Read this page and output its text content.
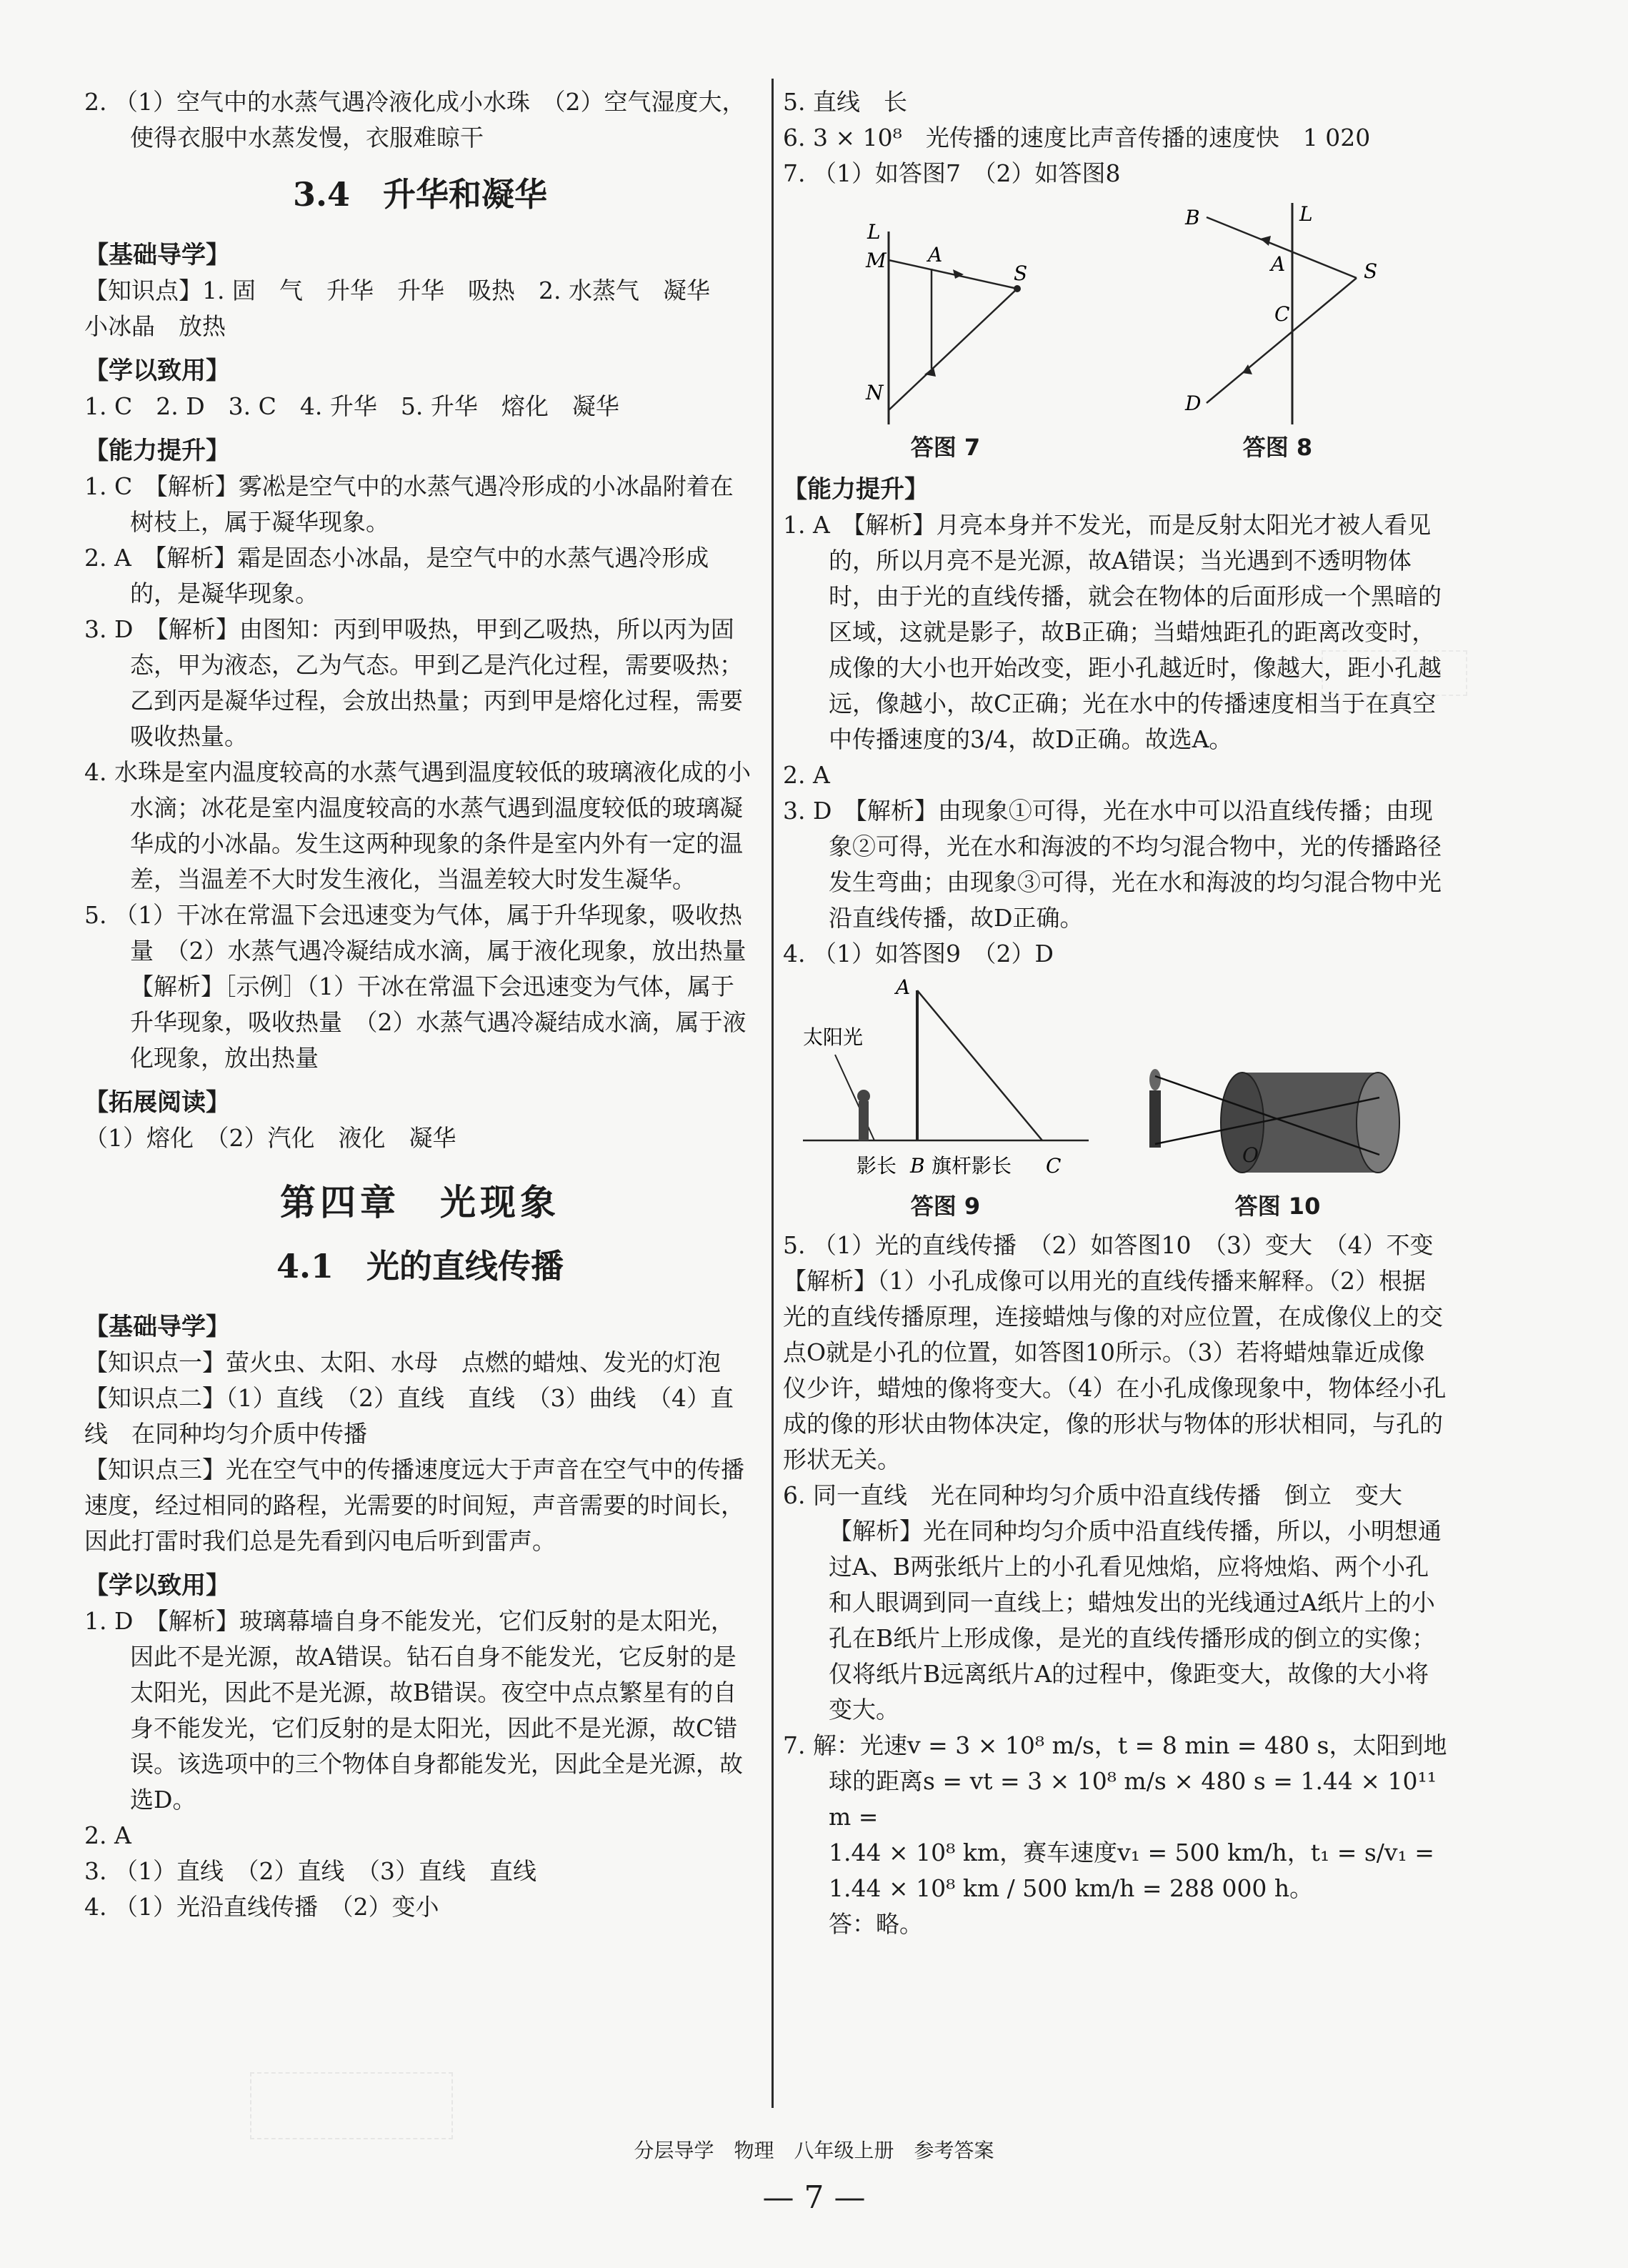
2. （1）空气中的水蒸气遇冷液化成小水珠　（2）空气湿度大，使得衣服中水蒸发慢，衣服难晾干

3.4　升华和凝华
【基础导学】

【知识点】1. 固　气　升华　升华　吸热　2. 水蒸气　凝华　小冰晶　放热

【学以致用】

1. C　2. D　3. C　4. 升华　5. 升华　熔化　凝华

【能力提升】

1. C　【解析】雾凇是空气中的水蒸气遇冷形成的小冰晶附着在树枝上，属于凝华现象。

2. A　【解析】霜是固态小冰晶，是空气中的水蒸气遇冷形成的，是凝华现象。

3. D　【解析】由图知：丙到甲吸热，甲到乙吸热，所以丙为固态，甲为液态，乙为气态。甲到乙是汽化过程，需要吸热；乙到丙是凝华过程，会放出热量；丙到甲是熔化过程，需要吸收热量。

4. 水珠是室内温度较高的水蒸气遇到温度较低的玻璃液化成的小水滴；冰花是室内温度较高的水蒸气遇到温度较低的玻璃凝华成的小冰晶。发生这两种现象的条件是室内外有一定的温差，当温差不大时发生液化，当温差较大时发生凝华。

5. （1）干冰在常温下会迅速变为气体，属于升华现象，吸收热量　（2）水蒸气遇冷凝结成水滴，属于液化现象，放出热量　【解析】［示例］（1）干冰在常温下会迅速变为气体，属于升华现象，吸收热量　（2）水蒸气遇冷凝结成水滴，属于液化现象，放出热量

【拓展阅读】

（1）熔化　（2）汽化　液化　凝华

第四章　光现象
4.1　光的直线传播
【基础导学】

【知识点一】萤火虫、太阳、水母　点燃的蜡烛、发光的灯泡

【知识点二】（1）直线　（2）直线　直线　（3）曲线　（4）直线　在同种均匀介质中传播

【知识点三】光在空气中的传播速度远大于声音在空气中的传播速度，经过相同的路程，光需要的时间短，声音需要的时间长，因此打雷时我们总是先看到闪电后听到雷声。

【学以致用】

1. D　【解析】玻璃幕墙自身不能发光，它们反射的是太阳光，因此不是光源，故A错误。钻石自身不能发光，它反射的是太阳光，因此不是光源，故B错误。夜空中点点繁星有的自身不能发光，它们反射的是太阳光，因此不是光源，故C错误。该选项中的三个物体自身都能发光，因此全是光源，故选D。

2. A

3. （1）直线　（2）直线　（3）直线　直线

4. （1）光沿直线传播　（2）变小

5. 直线　长

6. 3 × 10⁸　光传播的速度比声音传播的速度快　1 020

7. （1）如答图7　（2）如答图8

L
M
N
A
S
答图 7
L
B
A
C
D
S
答图 8
【能力提升】

1. A　【解析】月亮本身并不发光，而是反射太阳光才被人看见的，所以月亮不是光源，故A错误；当光遇到不透明物体时，由于光的直线传播，就会在物体的后面形成一个黑暗的区域，这就是影子，故B正确；当蜡烛距孔的距离改变时，成像的大小也开始改变，距小孔越近时，像越大，距小孔越远，像越小，故C正确；光在水中的传播速度相当于在真空中传播速度的3/4，故D正确。故选A。

2. A

3. D　【解析】由现象①可得，光在水中可以沿直线传播；由现象②可得，光在水和海波的不均匀混合物中，光的传播路径发生弯曲；由现象③可得，光在水和海波的均匀混合物中光沿直线传播，故D正确。

4. （1）如答图9　（2）D

A
太阳光
影长 B 旗杆影长 C
答图 9
O
答图 10

5. （1）光的直线传播　（2）如答图10　（3）变大　（4）不变

【解析】（1）小孔成像可以用光的直线传播来解释。（2）根据光的直线传播原理，连接蜡烛与像的对应位置，在成像仪上的交点O就是小孔的位置，如答图10所示。（3）若将蜡烛靠近成像仪少许，蜡烛的像将变大。（4）在小孔成像现象中，物体经小孔成的像的形状由物体决定，像的形状与物体的形状相同，与孔的形状无关。

6. 同一直线　光在同种均匀介质中沿直线传播　倒立　变大　【解析】光在同种均匀介质中沿直线传播，所以，小明想通过A、B两张纸片上的小孔看见烛焰，应将烛焰、两个小孔和人眼调到同一直线上；蜡烛发出的光线通过A纸片上的小孔在B纸片上形成像，是光的直线传播形成的倒立的实像；仅将纸片B远离纸片A的过程中，像距变大，故像的大小将变大。

7. 解：光速v = 3 × 10⁸ m/s，t = 8 min = 480 s，太阳到地球的距离s = vt = 3 × 10⁸ m/s × 480 s = 1.44 × 10¹¹ m =

1.44 × 10⁸ km，赛车速度v₁ = 500 km/h，t₁ = s/v₁ =

1.44 × 10⁸ km / 500 km/h = 288 000 h。

答：略。

分层导学　物理　八年级上册　参考答案
— 7 —
